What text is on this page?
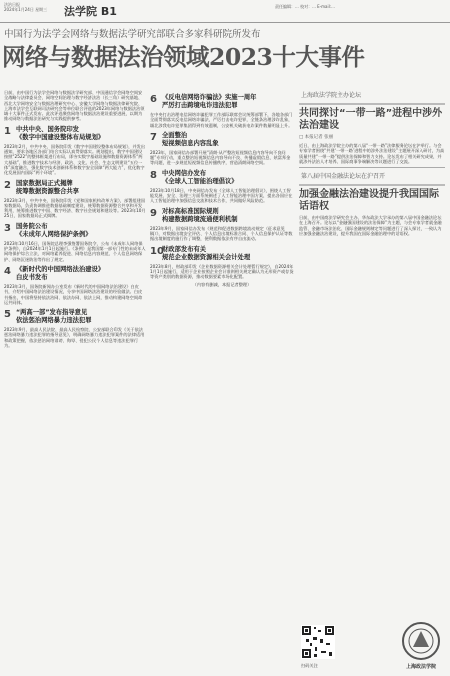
法治日报
2024年1月24日 星期三	法学院 B1	责任编辑：... 校对：... E-mail:...
中国行为法学会网络与数据法学研究部联合多家科研院所发布
网络与数据法治领域2023十大事件
日前，由中国行为法学会网络与数据法学研究部、中国通信学会网络空间安全战略与法律委员会、网络空间治理与数字经济法治（长三角）研究基地、西北大学网络安全与数据治理研究中心、安徽大学网络与数据法律研究院、上海市法学会互联网司法研究会等单位联合评选的2023年网络与数据法治领域十大事件正式发布。此次评选聚焦网络与数据法治建设重要进展，以期为推动网络与数据法治研究与实践提供参考。
1 中共中央、国务院印发
《数字中国建设整体布局规划》
2023年2月，中共中央、国务院印发《数字中国建设整体布局规划》，并发出通知，要求各地区各部门结合实际认真贯彻落实。规划提出，数字中国建设按照“2522”的整体框架进行布局，即夯实数字基础设施和数据资源体系“两大基础”，推进数字技术与经济、政治、文化、社会、生态文明建设“五位一体”深度融合，强化数字技术创新体系和数字安全屏障“两大能力”，优化数字化发展国内国际“两个环境”。
2 国家数据局正式揭牌
统筹数据资源整合共享
2023年3月，中共中央、国务院印发《党和国家机构改革方案》，部署组建国家数据局，负责协调推进数据基础制度建设，统筹数据资源整合共享和开发利用，统筹推进数字中国、数字经济、数字社会规划和建设等。2023年10月25日，国家数据局正式揭牌。
3 国务院公布
《未成年人网络保护条例》
2023年10月16日，国务院总理李强签署国务院令，公布《未成年人网络保护条例》，自2024年1月1日起施行。《条例》是我国第一部专门性的未成年人网络保护综合立法，对网络素养促进、网络信息内容规范、个人信息网络保护、网络沉迷防治等作出了规定。
4 《新时代的中国网络法治建设》
白皮书发布
2023年3月，国务院新闻办公室发布《新时代的中国网络法治建设》白皮书，介绍中国网络法治建设情况，分享中国网络法治建设的经验做法。白皮书指出，中国将坚持依法治网、依法办网、依法上网，推动构建网络空间命运共同体。
5 “两高一部”发布指导意见
依法惩治网络暴力违法犯罪
2023年9月，最高人民法院、最高人民检察院、公安部联合印发《关于依法惩治网络暴力违法犯罪的指导意见》，明确网络暴力违法犯罪案件的法律适用和政策把握，依法惩治网络诽谤、侮辱、侵犯公民个人信息等违法犯罪行为。
6 《反电信网络诈骗法》实施一周年
严厉打击跨境电诈违法犯罪
在中央打击治理电信网络诈骗犯罪工作部际联席会议统筹部署下，各地各部门全面贯彻落实反电信网络诈骗法，严厉打击电诈犯罪，全链条治理涉诈乱象，缅北涉我电诈犯罪集团得到有效遏制，公安机关破获电诈案件数量明显上升。
7 全面整治
短视频信息内容乱象
2023年，国家网信办部署开展“清朗·从严整治短视频信息内容导向不良问题”专项行动，重点整治短视频信息内容导向不良、传播虚假信息、炫富拜金等问题，进一步规范短视频信息传播秩序，营造清朗网络空间。
8 中央网信办发布
《全球人工智能治理倡议》
2023年10月18日，中央网信办发布《全球人工智能治理倡议》，围绕人工智能发展、安全、治理三方面系统阐述了人工智能治理中国方案，提出各国应在人工智能治理中加强信息交流和技术合作，共同做好风险防范。
9 对标高标准国际规则
构建数据跨境流通便利机制
2023年9月，国家网信办发布《规范和促进数据跨境流动规定（征求意见稿）》，对数据出境安全评估、个人信息出境标准合同、个人信息保护认证等数据出境制度的施行作了调整，便利数据依法有序自由流动。
10
财政部发布有关
规范企业数据资源相关会计处理
2023年8月，财政部印发《企业数据资源相关会计处理暂行规定》，自2024年1月1日起施行，适用于企业按照企业会计准则相关规定确认为无形资产或存货等资产类别的数据资源，推动数据要素市场化配置。
（内容有删减，本报记者整理）
上海政法学院主办论坛
共同探讨“一带一路”进程中涉外法治建设
□ 本报记者 张丽
近日，由上海政法学院主办的第八届“一带一路”法律服务论坛在沪举行。与会专家学者围绕“共建‘一带一路’进程中的涉外法治建设”主题展开深入研讨，为高质量共建“一带一路”提供法治保障和智力支持。论坛发布了相关研究成果，并就涉外法治人才培养、国际商事争端解决等议题进行了交流。
第八届中国金融法论坛在沪召开
加强金融法治建设提升我国国际话语权
日前，由中国商法学研究会主办、华东政法大学承办的第八届中国金融法论坛在上海召开。论坛以“金融强国建设的法治保障”为主题，与会专家学者就金融监管、金融市场法治化、国际金融规则制定等问题进行了深入探讨，一致认为应加强金融法治建设，提升我国在国际金融治理中的话语权。
扫码关注	上海政法学院
